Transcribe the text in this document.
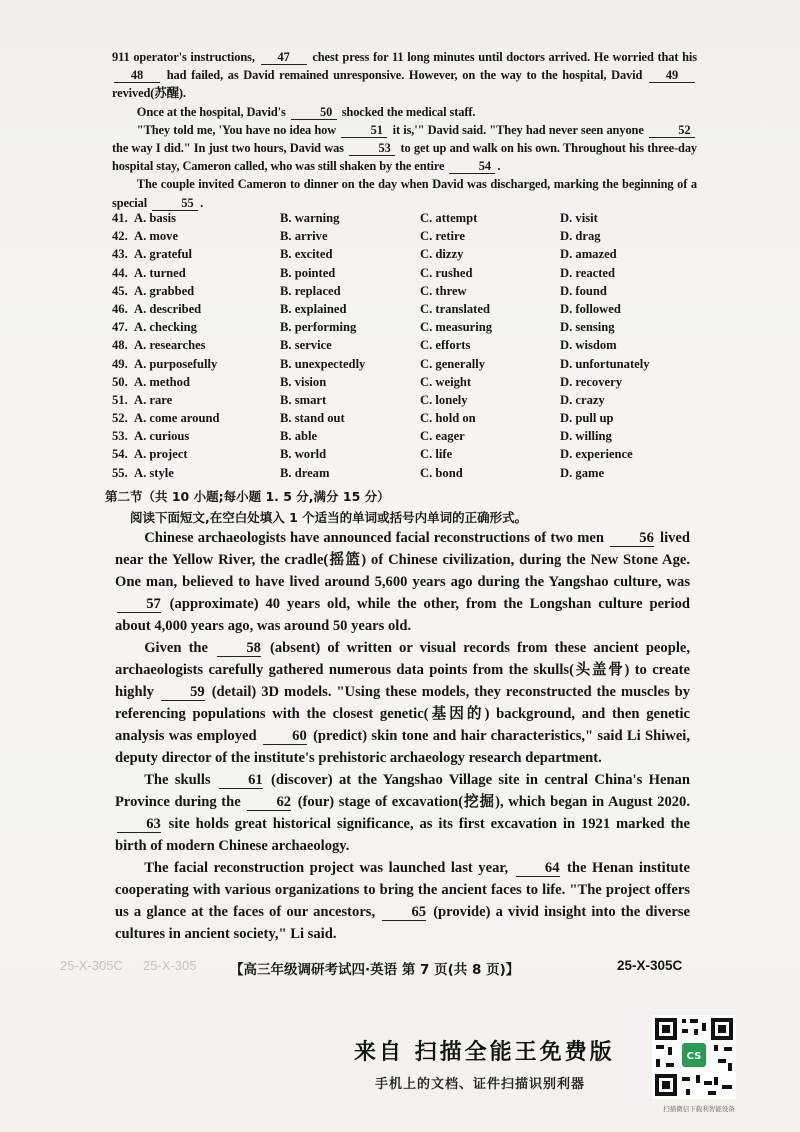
911 operator's instructions, 47 chest press for 11 long minutes until doctors arrived. He worried that his 48 had failed, as David remained unresponsive. However, on the way to the hospital, David 49 revived(苏醒).

Once at the hospital, David's	50 shocked the medical staff.

"They told me, 'You have no idea how	51 it is,'" David said. "They had never seen anyone	52 the way I did." In just two hours, David was	53 to get up and walk on his own. Throughout his three-day hospital stay, Cameron called, who was still shaken by the entire	54 .

The couple invited Cameron to dinner on the day when David was discharged, marking the beginning of a special	55 .

41. A. basis	B. warning	C. attempt	D. visit
42. A. move	B. arrive	C. retire	D. drag
43. A. grateful	B. excited	C. dizzy	D. amazed
44. A. turned	B. pointed	C. rushed	D. reacted
45. A. grabbed	B. replaced	C. threw	D. found
46. A. described	B. explained	C. translated	D. followed
47. A. checking	B. performing	C. measuring	D. sensing
48. A. researches	B. service	C. efforts	D. wisdom
49. A. purposefully	B. unexpectedly	C. generally	D. unfortunately
50. A. method	B. vision	C. weight	D. recovery
51. A. rare	B. smart	C. lonely	D. crazy
52. A. come around	B. stand out	C. hold on	D. pull up
53. A. curious	B. able	C. eager	D. willing
54. A. project	B. world	C. life	D. experience
55. A. style	B. dream	C. bond	D. game
第二节（共 10 小题;每小题 1. 5 分,满分 15 分）
阅读下面短文,在空白处填入 1 个适当的单词或括号内单词的正确形式。

Chinese archaeologists have announced facial reconstructions of two men 56 lived near the Yellow River, the cradle(摇篮) of Chinese civilization, during the New Stone Age. One man, believed to have lived around 5,600 years ago during the Yangshao culture, was 57 (approximate) 40 years old, while the other, from the Longshan culture period about 4,000 years ago, was around 50 years old.

Given the	58 (absent) of written or visual records from these ancient people, archaeologists carefully gathered numerous data points from the skulls(头盖骨) to create highly 59 (detail) 3D models. "Using these models, they reconstructed the muscles by referencing populations with the closest genetic(基因的) background, and then genetic analysis was employed 60 (predict) skin tone and hair characteristics," said Li Shiwei, deputy director of the institute's prehistoric archaeology research department.

The skulls	61 (discover) at the Yangshao Village site in central China's Henan Province during the 62 (four) stage of excavation(挖掘), which began in August 2020. 63 site holds great historical significance, as its first excavation in 1921 marked the birth of modern Chinese archaeology.

The facial reconstruction project was launched last year,	64 the Henan institute cooperating with various organizations to bring the ancient faces to life. "The project offers us a glance at the faces of our ancestors, 65 (provide) a vivid insight into the diverse cultures in ancient society," Li said.

25-X-305C 25-X-305 【高三年级调研考试四·英语 第 7 页(共 8 页)】	25-X-305C
来自 扫描全能王免费版
手机上的文档、证件扫描识别利器
CS
扫描微信下载利智能设备
